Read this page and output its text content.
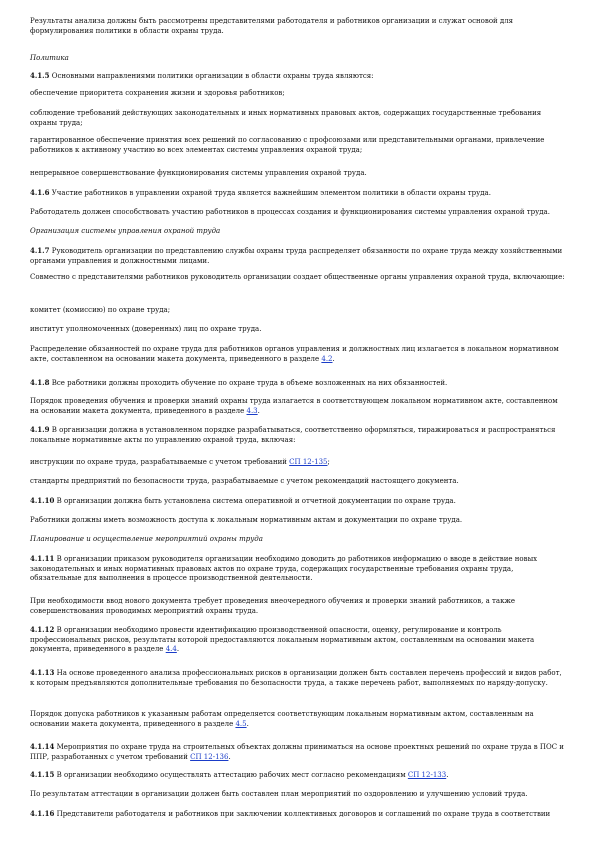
Результаты анализа должны быть рассмотрены представителями работодателя и работников организации и служат основой для формулирования политики в области охраны труда.

Политика

4.1.5 Основными направлениями политики организации в области охраны труда являются:

обеспечение приоритета сохранения жизни и здоровья работников;

соблюдение требований действующих законодательных и иных нормативных правовых актов, содержащих государственные требования охраны труда;

гарантированное обеспечение принятия всех решений по согласованию с профсоюзами или представительными органами, привлечение работников к активному участию во всех элементах системы управления охраной труда;

непрерывное совершенствование функционирования системы управления охраной труда.

4.1.6 Участие работников в управлении охраной труда является важнейшим элементом политики в области охраны труда.

Работодатель должен способствовать участию работников в процессах создания и функционирования системы управления охраной труда.

Организация системы управления охраной труда

4.1.7 Руководитель организации по представлению службы охраны труда распределяет обязанности по охране труда между хозяйственными органами управления и должностными лицами.

Совместно с представителями работников руководитель организации создает общественные органы управления охраной труда, включающие:

комитет (комиссию) по охране труда;

институт уполномоченных (доверенных) лиц по охране труда.

Распределение обязанностей по охране труда для работников органов управления и должностных лиц излагается в локальном нормативном акте, составленном на основании макета документа, приведенного в разделе 4.2.

4.1.8 Все работники должны проходить обучение по охране труда в объеме возложенных на них обязанностей.

Порядок проведения обучения и проверки знаний охраны труда излагается в соответствующем локальном нормативном акте, составленном на основании макета документа, приведенного в разделе 4.3.

4.1.9 В организации должна в установленном порядке разрабатываться, соответственно оформляться, тиражироваться и распространяться локальные нормативные акты по управлению охраной труда, включая:

инструкции по охране труда, разрабатываемые с учетом требований СП 12-135;

стандарты предприятий по безопасности труда, разрабатываемые с учетом рекомендаций настоящего документа.

4.1.10 В организации должна быть установлена система оперативной и отчетной документации по охране труда.

Работники должны иметь возможность доступа к локальным нормативным актам и документации по охране труда.

Планирование и осуществление мероприятий охраны труда

4.1.11 В организации приказом руководителя организации необходимо доводить до работников информацию о вводе в действие новых законодательных и иных нормативных правовых актов по охране труда, содержащих государственные требования охраны труда, обязательные для выполнения в процессе производственной деятельности.

При необходимости ввод нового документа требует проведения внеочередного обучения и проверки знаний работников, а также совершенствования проводимых мероприятий охраны труда.

4.1.12 В организации необходимо провести идентификацию производственной опасности, оценку, регулирование и контроль профессиональных рисков, результаты которой предоставляются локальным нормативным актом, составленным на основании макета документа, приведенного в разделе 4.4.

4.1.13 На основе проведенного анализа профессиональных рисков в организации должен быть составлен перечень профессий и видов работ, к которым предъявляются дополнительные требования по безопасности труда, а также перечень работ, выполняемых по наряду-допуску.

Порядок допуска работников к указанным работам определяется соответствующим локальным нормативным актом, составленным на основании макета документа, приведенного в разделе 4.5.

4.1.14 Мероприятия по охране труда на строительных объектах должны приниматься на основе проектных решений по охране труда в ПОС и ППР, разработанных с учетом требований СП 12-136.

4.1.15 В организации необходимо осуществлять аттестацию рабочих мест согласно рекомендациям СП 12-133.

По результатам аттестации в организации должен быть составлен план мероприятий по оздоровлению и улучшению условий труда.

4.1.16 Представители работодателя и работников при заключении коллективных договоров и соглашений по охране труда в соответствии
